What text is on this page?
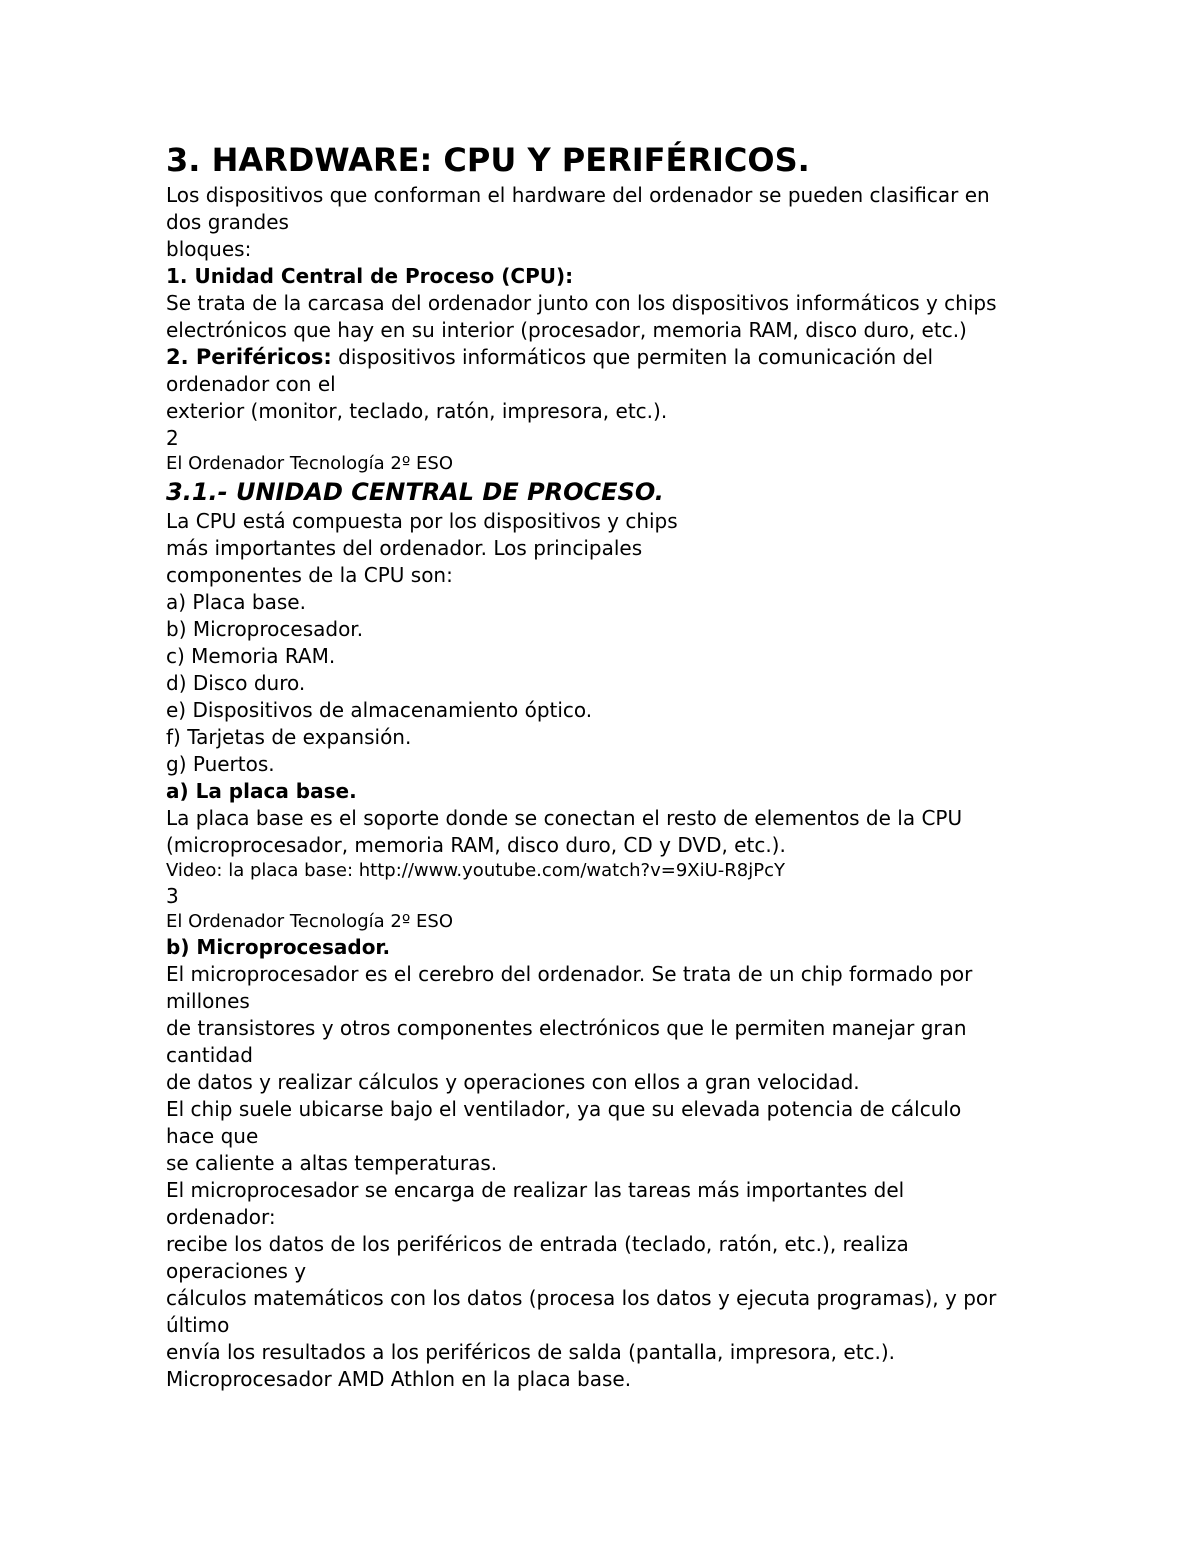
3. HARDWARE: CPU Y PERIFÉRICOS.
Los dispositivos que conforman el hardware del ordenador se pueden clasificar en
dos grandes
bloques:
1. Unidad Central de Proceso (CPU):
Se trata de la carcasa del ordenador junto con los dispositivos informáticos y chips
electrónicos que hay en su interior (procesador, memoria RAM, disco duro, etc.)
2. Periféricos: dispositivos informáticos que permiten la comunicación del
ordenador con el
exterior (monitor, teclado, ratón, impresora, etc.).
2
El Ordenador Tecnología 2º ESO
3.1.- UNIDAD CENTRAL DE PROCESO.
La CPU está compuesta por los dispositivos y chips
más importantes del ordenador. Los principales
componentes de la CPU son:
a) Placa base.
b) Microprocesador.
c) Memoria RAM.
d) Disco duro.
e) Dispositivos de almacenamiento óptico.
f) Tarjetas de expansión.
g) Puertos.
a) La placa base.
La placa base es el soporte donde se conectan el resto de elementos de la CPU
(microprocesador, memoria RAM, disco duro, CD y DVD, etc.).
Video: la placa base: http://www.youtube.com/watch?v=9XiU-R8jPcY
3
El Ordenador Tecnología 2º ESO
b) Microprocesador.
El microprocesador es el cerebro del ordenador. Se trata de un chip formado por
millones
de transistores y otros componentes electrónicos que le permiten manejar gran
cantidad
de datos y realizar cálculos y operaciones con ellos a gran velocidad.
El chip suele ubicarse bajo el ventilador, ya que su elevada potencia de cálculo
hace que
se caliente a altas temperaturas.
El microprocesador se encarga de realizar las tareas más importantes del
ordenador:
recibe los datos de los periféricos de entrada (teclado, ratón, etc.), realiza
operaciones y
cálculos matemáticos con los datos (procesa los datos y ejecuta programas), y por
último
envía los resultados a los periféricos de salda (pantalla, impresora, etc.).
Microprocesador AMD Athlon en la placa base.
